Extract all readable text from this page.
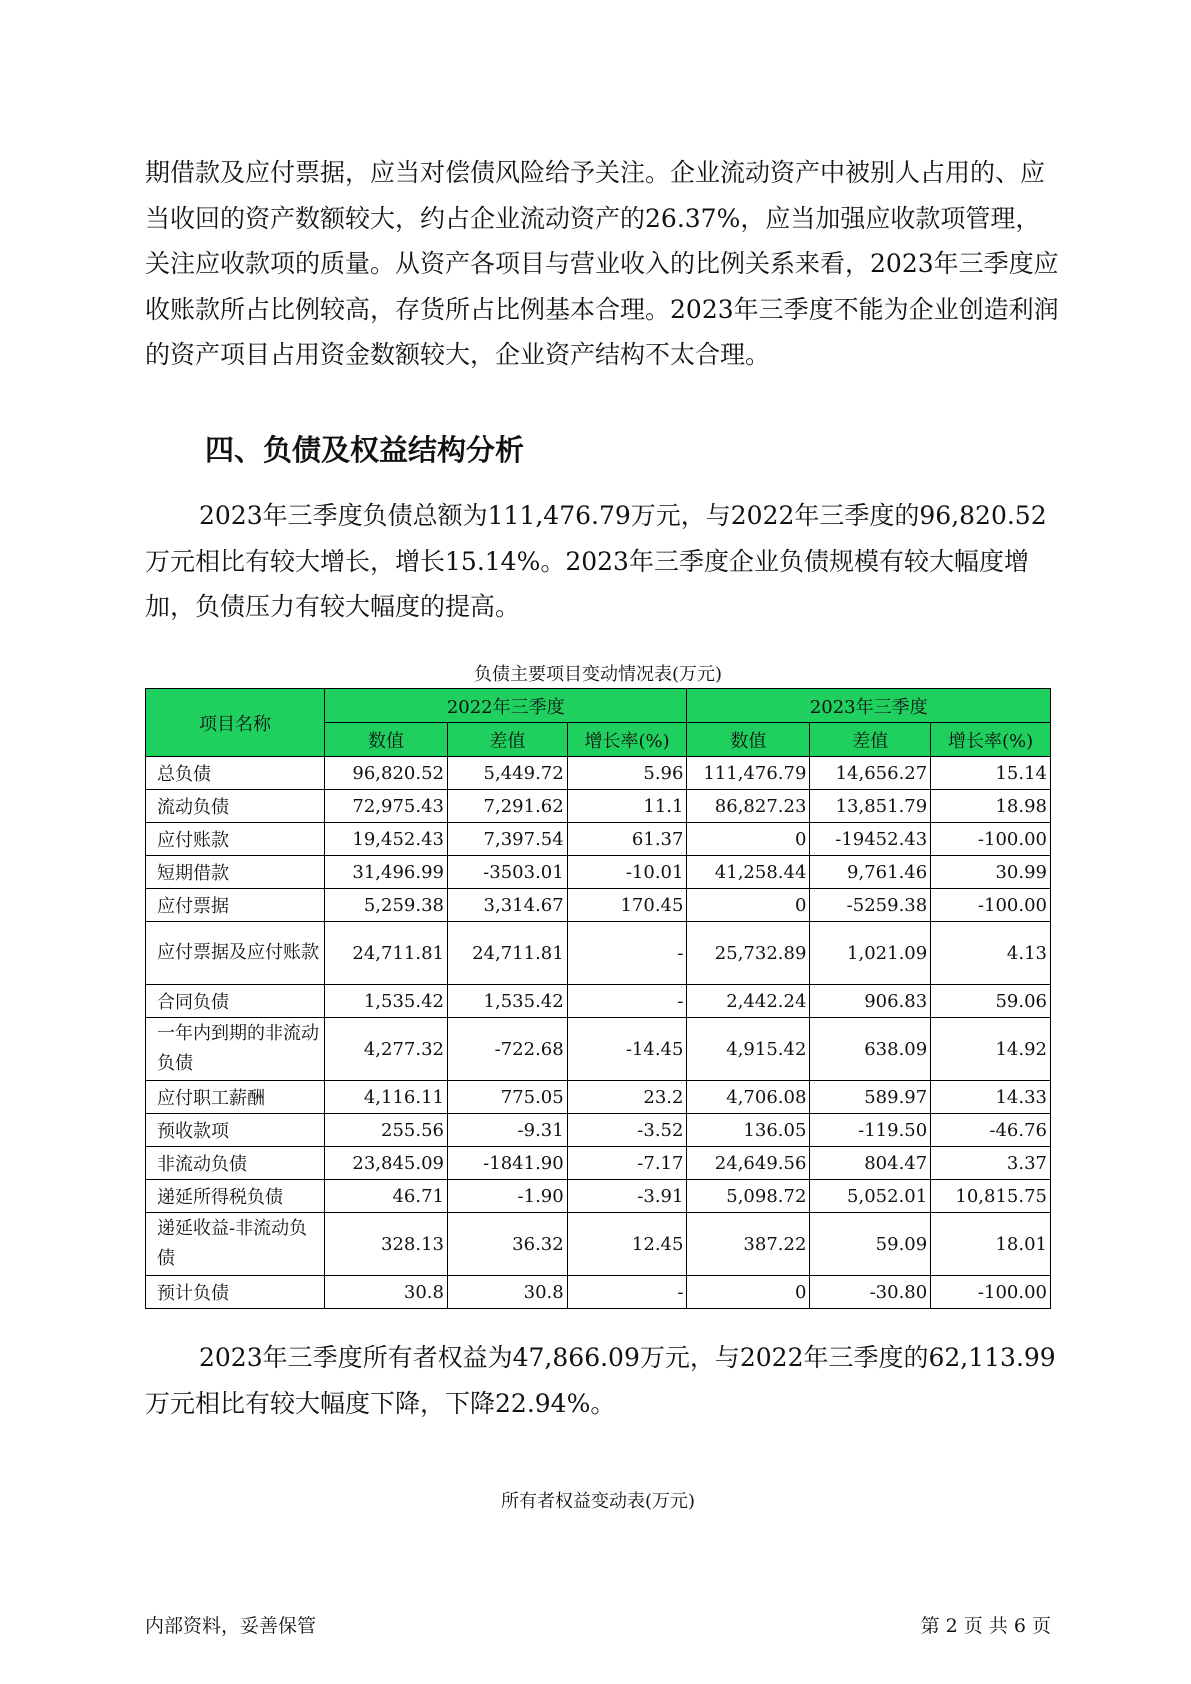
期借款及应付票据，应当对偿债风险给予关注。企业流动资产中被别人占用的、应当收回的资产数额较大，约占企业流动资产的26.37%，应当加强应收款项管理，关注应收款项的质量。从资产各项目与营业收入的比例关系来看，2023年三季度应收账款所占比例较高，存货所占比例基本合理。2023年三季度不能为企业创造利润的资产项目占用资金数额较大，企业资产结构不太合理。

四、负债及权益结构分析

2023年三季度负债总额为111,476.79万元，与2022年三季度的96,820.52万元相比有较大增长，增长15.14%。2023年三季度企业负债规模有较大幅度增加，负债压力有较大幅度的提高。

负债主要项目变动情况表(万元)
项目名称	2022年三季度			2023年三季度		
	数值	差值	增长率(%)	数值	差值	增长率(%)
总负债	96,820.52	5,449.72	5.96	111,476.79	14,656.27	15.14
流动负债	72,975.43	7,291.62	11.1	86,827.23	13,851.79	18.98
应付账款	19,452.43	7,397.54	61.37	0	-19452.43	-100.00
短期借款	31,496.99	-3503.01	-10.01	41,258.44	9,761.46	30.99
应付票据	5,259.38	3,314.67	170.45	0	-5259.38	-100.00
应付票据及应付账款	24,711.81	24,711.81	-	25,732.89	1,021.09	4.13
合同负债	1,535.42	1,535.42	-	2,442.24	906.83	59.06
一年内到期的非流动负债	4,277.32	-722.68	-14.45	4,915.42	638.09	14.92
应付职工薪酬	4,116.11	775.05	23.2	4,706.08	589.97	14.33
预收款项	255.56	-9.31	-3.52	136.05	-119.50	-46.76
非流动负债	23,845.09	-1841.90	-7.17	24,649.56	804.47	3.37
递延所得税负债	46.71	-1.90	-3.91	5,098.72	5,052.01	10,815.75
递延收益-非流动负债	328.13	36.32	12.45	387.22	59.09	18.01
预计负债	30.8	30.8	-	0	-30.80	-100.00

2023年三季度所有者权益为47,866.09万元，与2022年三季度的62,113.99万元相比有较大幅度下降，下降22.94%。

所有者权益变动表(万元)
内部资料，妥善保管	第 2 页 共 6 页
